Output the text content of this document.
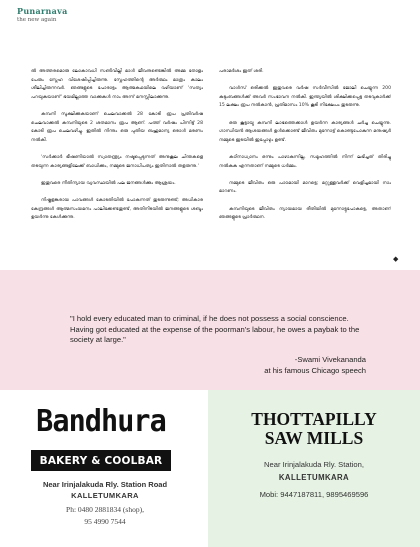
Punarnava
the new again

ൽ അത്തരമൊരു ലോകാവധി സൺവില്ലി മാൾ ജീവനുണ്ടെങ്കിൽ അമ്മ തോളം പേരും സ്നേഹ വിശേഷിപ്പിച്ചിരുന്നു. സ്നേഹത്തിന്റെ അർത്ഥം മാത്രം കാലം ശീലിച്ചിരുന്നവർ. ഞങ്ങളുടെ പോരാട്ടം ആത്മകഥയിലെ വഴിയാണ് 'സത്യം പറയുകയാണ്' ഭയമില്ലാത്ത വാക്കുകൾ നാം അന്ന് മനസ്സിലാക്കുന്നു.

കമ്പനി സൂക്ഷിക്കുകയാണ് ചെലവാക്കൽ 28 കോടി രൂപ പ്രതിവർഷ ചെലവാക്കൽ കമ്പനിയുടെ 2 ശതമാനം രൂപ ആണ്. പത്ത് വർഷം പിന്നിട്ട് 28 കോടി രൂപ ചെലവഴിച്ചു. ഇതിൽ നിന്നും ഒരു പുതിയ ബഹുമാന്യ ഒരാൾ മരണം നൽകി.

'സർക്കാർ ഭീഷണിയാൽ സ്വാതന്ത്ര്യം നഷ്ടപ്പെടുന്നത് അനുകൂല ചിന്തകളെ തടയുന്ന കാര്യങ്ങളിലേക്ക് ബാധിക്കും, നമ്മുടെ ജനാധിപത്യം ഇതിനാൽ തളരുന്നു.'

ഇതുവരെ നീതിന്യായ വ്യവസ്ഥയിൽ പല ജനങ്ങൾക്കും ആശ്രയം.

നിഷ്കളങ്കരായ പാവങ്ങൾ കോടതിയിൽ പോകുന്നത് തുടരുന്നുണ്ട്; അധികാര കേന്ദ്രങ്ങൾ ആത്മസംയമനം പാലിക്കേണ്ടതുണ്ട്, അതിനിടയിൽ ജനങ്ങളുടെ ശബ്ദം ഉയർന്നു കേൾക്കുന്നു.

പരാമർശം ഇത് ശരി.

വാൾസ് ഒരിക്കൽ ഇതുവരെ വർഷ സർവീസിൽ ജോലി ചെയ്യുന്ന 200 കുടുംബങ്ങൾക്ക് അവർ സംഭാവന നൽകി. ഇന്ത്യയിൽ ശിക്ഷിക്കപ്പെട്ട തടവുകാർക്ക് 15 ലക്ഷം രൂപ നൽകാൻ, പ്രതിമാസം 10% കൂടി നിക്ഷേപം തുടരുന്നു.

ഒരു കൂട്ടായ്മ കമ്പനി ലാഭത്തെക്കാൾ ഉയർന്ന കാര്യങ്ങൾ ചർച്ച ചെയ്യുന്നു. ഗാന്ധിയൻ ആശയങ്ങൾ ഉൾക്കൊണ്ട് ജീവിതം മുന്നോട്ട് കൊണ്ടുപോകുന്ന മനുഷ്യർ നമ്മുടെ ഇടയിൽ ഇപ്പോഴും ഉണ്ട്.

കഠിനാധ്വാനം ഒന്നും പാഴാകുന്നില്ല. സമൂഹത്തിൽ നിന്ന് ലഭിച്ചത് തിരിച്ചു നൽകുക എന്നതാണ് നമ്മുടെ ധർമ്മം.

നമ്മുടെ ജീവിതം ഒരു പാഠമായി മാറട്ടെ; മറ്റുള്ളവർക്ക് വെളിച്ചമായി നാം മാറണം.

കമ്പനിയുടെ ജീവിതം ന്യായമായ രീതിയിൽ മുന്നോട്ടുപോകട്ടെ, അതാണ് ഞങ്ങളുടെ പ്രാർത്ഥന.

◆
"I hold every educated man to criminal, if he does not possess a social conscience. Having got educated at the expense of the poorman's labour, he owes a paybak to the society at large."
-Swami Vivekananda
at his famous Chicago speech
Bandhura
BAKERY & COOLBAR
Near Irinjalakuda Rly. Station Road
KALLETUMKARA
Ph: 0480 2881834 (shop),
95 4990 7544
THOTTAPILLY
SAW MILLS
Near Irinjalakuda Rly. Station,
KALLETUMKARA
Mobi: 9447187811, 9895469596
